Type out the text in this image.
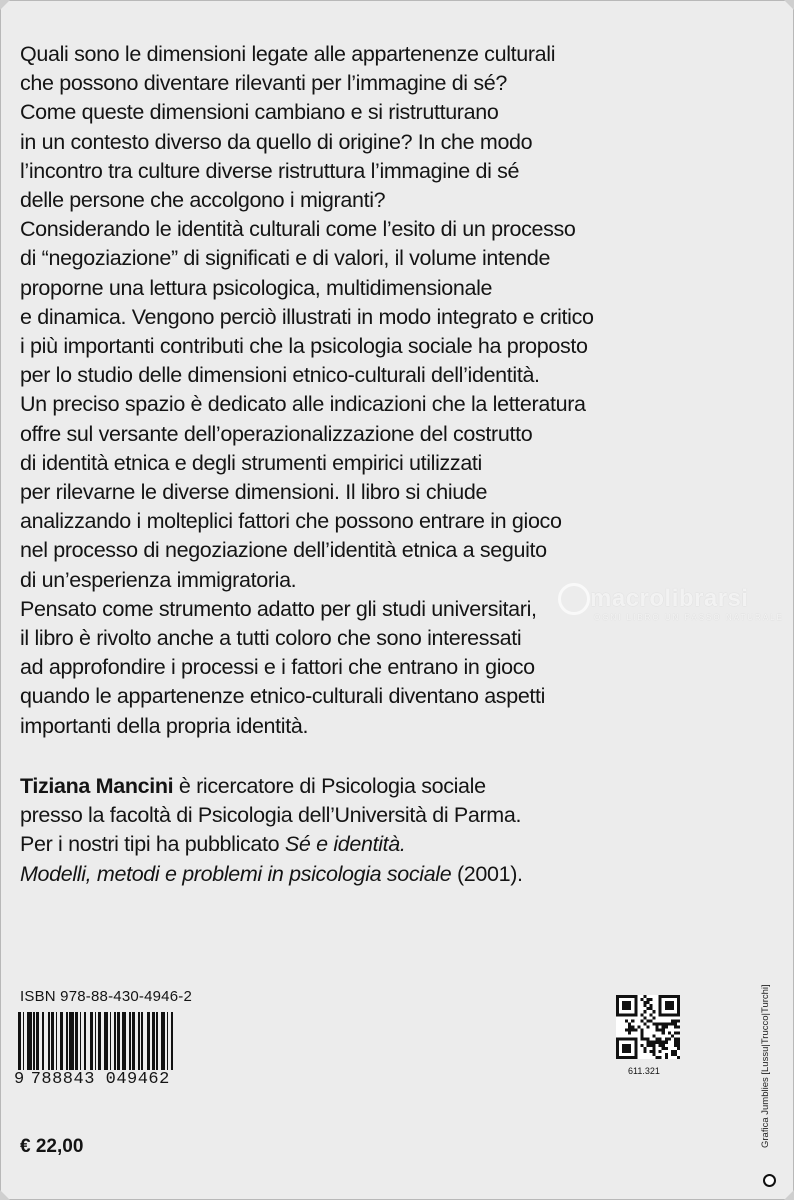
Quali sono le dimensioni legate alle appartenenze culturali
che possono diventare rilevanti per l’immagine di sé?
Come queste dimensioni cambiano e si ristrutturano
in un contesto diverso da quello di origine? In che modo
l’incontro tra culture diverse ristruttura l’immagine di sé
delle persone che accolgono i migranti?
Considerando le identità culturali come l’esito di un processo
di “negoziazione” di significati e di valori, il volume intende
proporne una lettura psicologica, multidimensionale
e dinamica. Vengono perciò illustrati in modo integrato e critico
i più importanti contributi che la psicologia sociale ha proposto
per lo studio delle dimensioni etnico-culturali dell’identità.
Un preciso spazio è dedicato alle indicazioni che la letteratura
offre sul versante dell’operazionalizzazione del costrutto
di identità etnica e degli strumenti empirici utilizzati
per rilevarne le diverse dimensioni. Il libro si chiude
analizzando i molteplici fattori che possono entrare in gioco
nel processo di negoziazione dell’identità etnica a seguito
di un’esperienza immigratoria.
Pensato come strumento adatto per gli studi universitari,
il libro è rivolto anche a tutti coloro che sono interessati
ad approfondire i processi e i fattori che entrano in gioco
quando le appartenenze etnico-culturali diventano aspetti
importanti della propria identità.
macrolibrarsi
OGNI LIBRO UN PASSO NATURALE
Tiziana Mancini è ricercatore di Psicologia sociale
presso la facoltà di Psicologia dell’Università di Parma.
Per i nostri tipi ha pubblicato Sé e identità.
Modelli, metodi e problemi in psicologia sociale (2001).
ISBN 978-88-430-4946-2
9 788843 049462
€ 22,00
611.321	Grafica Jumblies [Lussu|Trucco|Turchi]
